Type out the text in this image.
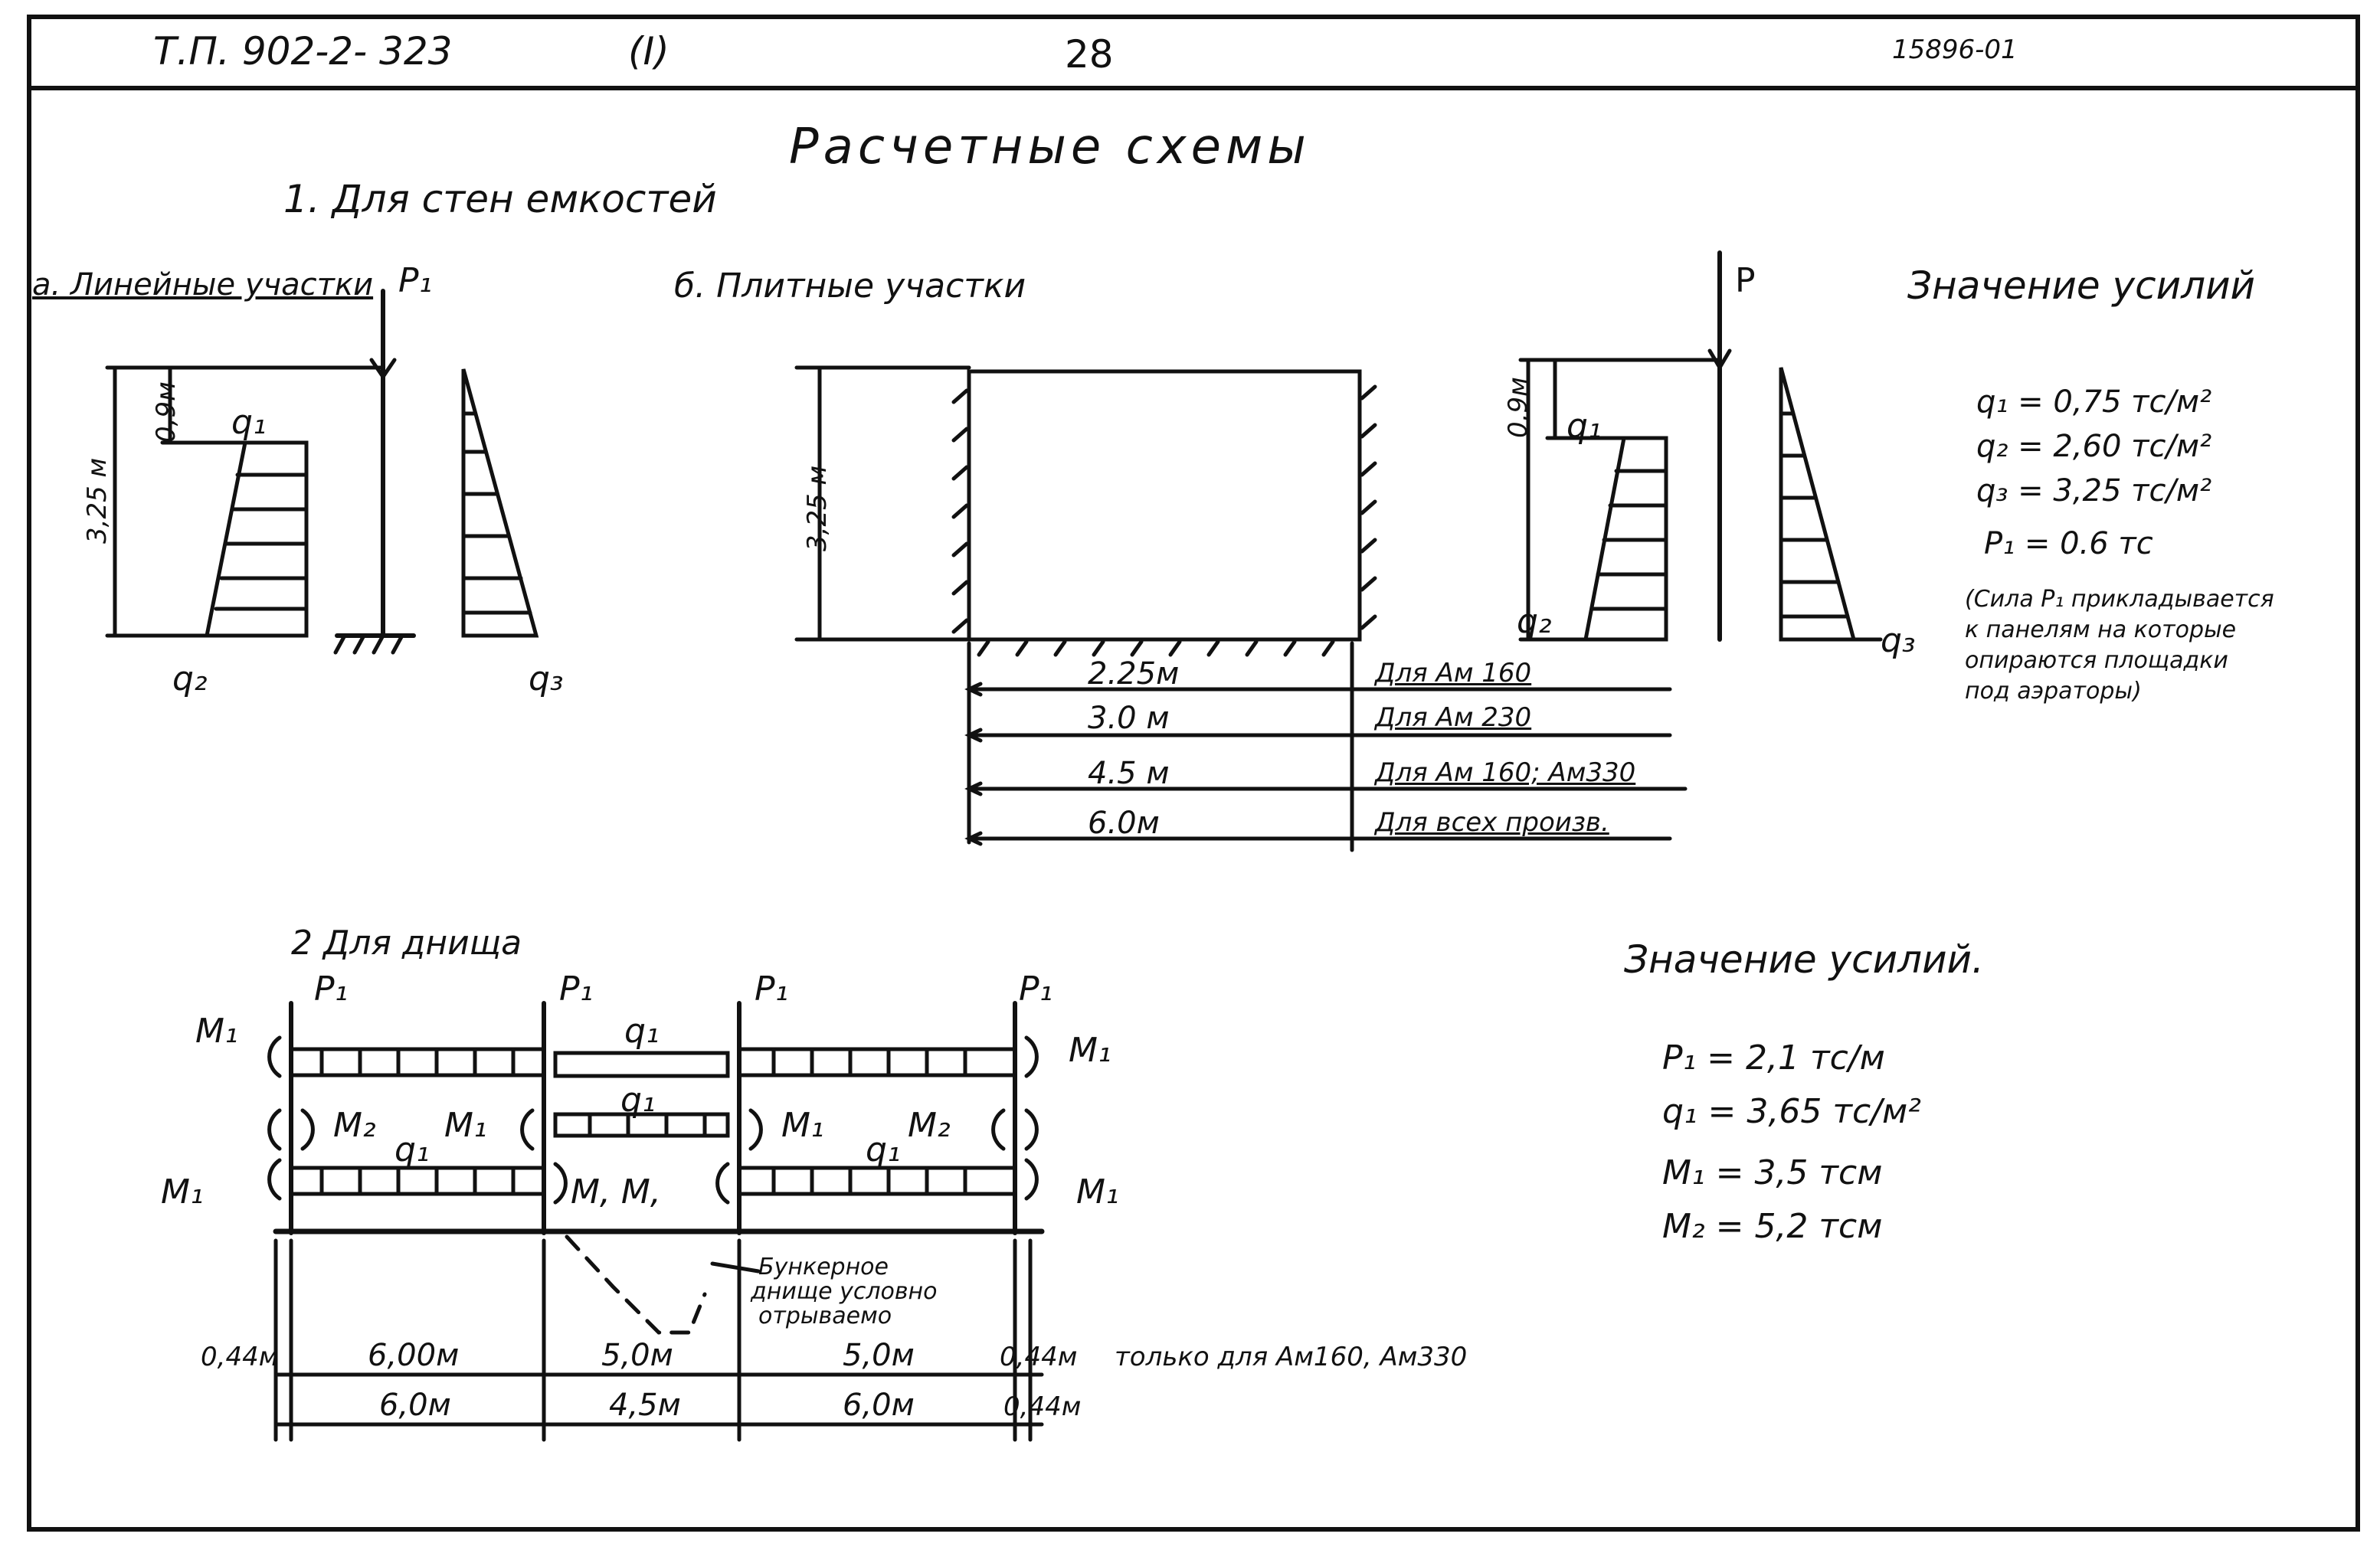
Т.П. 902-2- 323	(I)	28	15896-01
Расчетные схемы
1. Для стен емкостей
a. Линейные участки P₁
0,9м
3,25 м
q₁
q₂	q₃
б. Плитные участки
3,25 м
2.25м	Для Ам 160
3.0 м	Для Ам 230
4.5 м	Для Ам 160; Ам330
6.0м	Для всех произв.
P
0,9м q₁
q₂	q₃
Значение усилий
q₁ = 0,75 тс/м²
q₂ = 2,60 тс/м²
q₃ = 3,25 тс/м²
P₁ = 0.6 тс
(Сила P₁ прикладывается
к панелям на которые
опираются площадки
под аэраторы)
2 Для днища
P₁	P₁	P₁	P₁
M₁	M₁
q₁
q₁
M₂ M₁	M₁ M₂
q₁	q₁
M₁	M, M,	M₁
Бункерное
днище условно
отрываемо
0,44м	6,00м	5,0м	5,0м	0,44м только для Ам160, Ам330
6,0м	4,5м	6,0м	0,44м
Значение усилий.
P₁ = 2,1 тс/м
q₁ = 3,65 тс/м²
M₁ = 3,5 тсм
M₂ = 5,2 тсм
